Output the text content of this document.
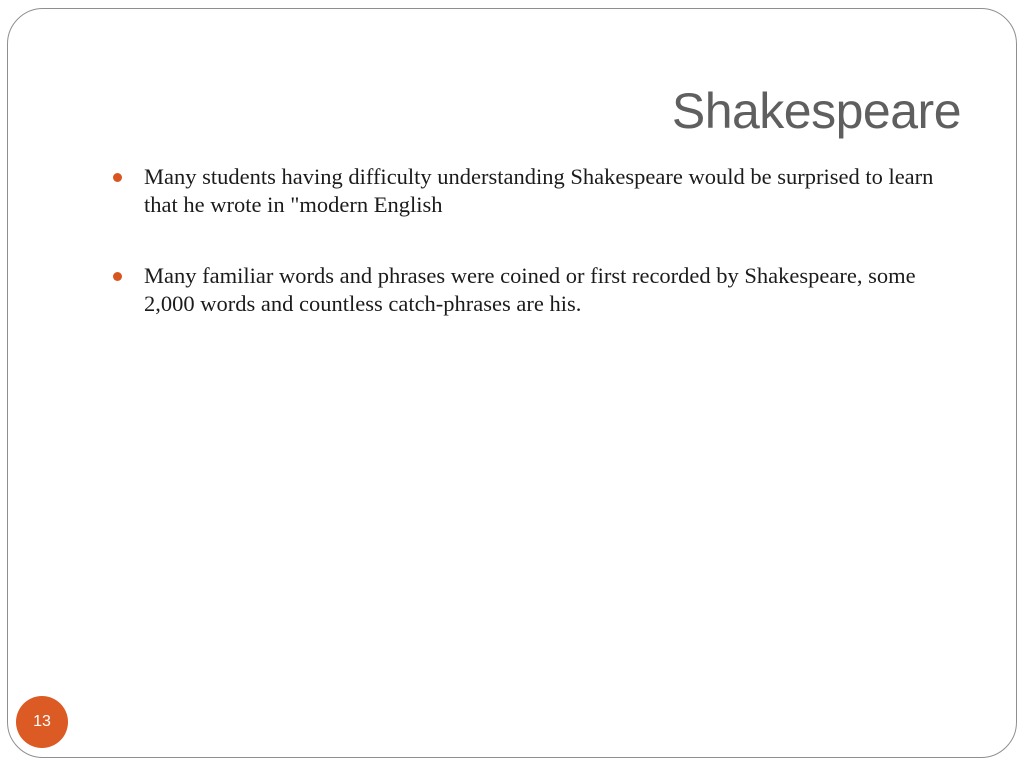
Shakespeare
Many students having difficulty understanding Shakespeare would be surprised to learn that he wrote in "modern English
Many familiar words and phrases were coined or first recorded by Shakespeare, some 2,000 words and countless catch-phrases are his.
13
